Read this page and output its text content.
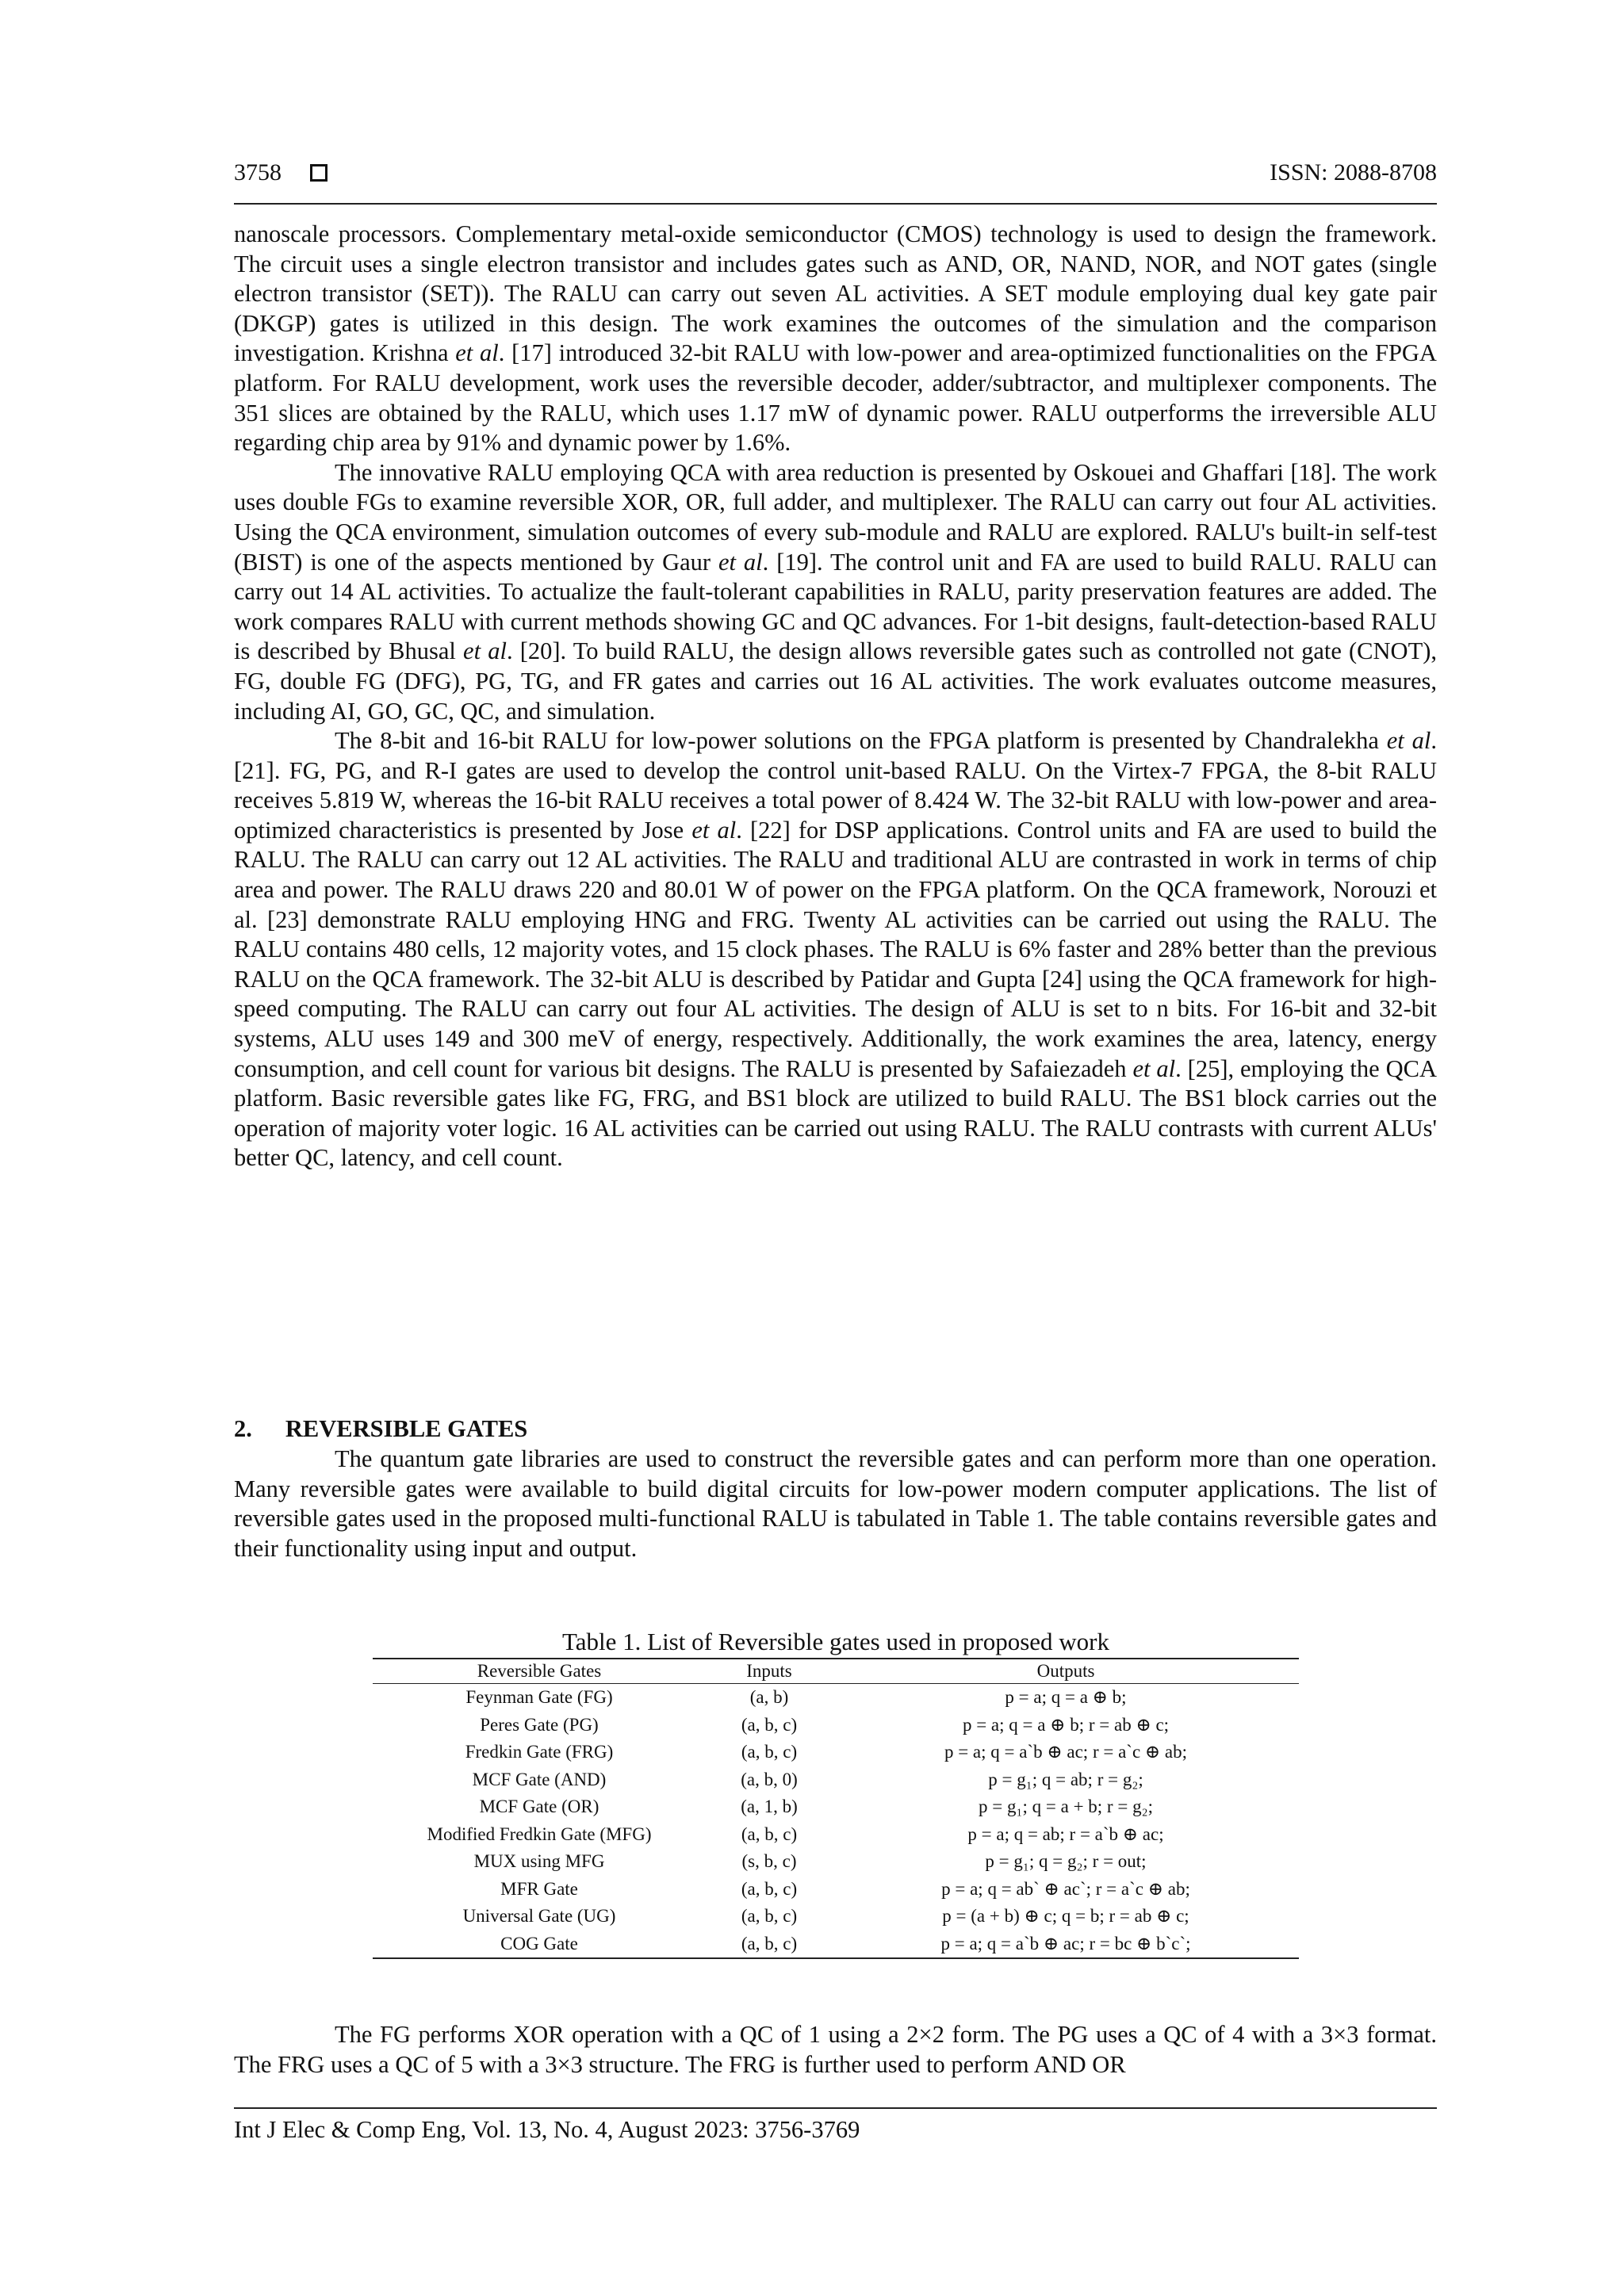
3758	ISSN: 2088-8708

nanoscale processors. Complementary metal-oxide semiconductor (CMOS) technology is used to design the framework. The circuit uses a single electron transistor and includes gates such as AND, OR, NAND, NOR, and NOT gates (single electron transistor (SET)). The RALU can carry out seven AL activities. A SET module employing dual key gate pair (DKGP) gates is utilized in this design. The work examines the outcomes of the simulation and the comparison investigation. Krishna et al. [17] introduced 32-bit RALU with low-power and area-optimized functionalities on the FPGA platform. For RALU development, work uses the reversible decoder, adder/subtractor, and multiplexer components. The 351 slices are obtained by the RALU, which uses 1.17 mW of dynamic power. RALU outperforms the irreversible ALU regarding chip area by 91% and dynamic power by 1.6%.

The innovative RALU employing QCA with area reduction is presented by Oskouei and Ghaffari [18]. The work uses double FGs to examine reversible XOR, OR, full adder, and multiplexer. The RALU can carry out four AL activities. Using the QCA environment, simulation outcomes of every sub-module and RALU are explored. RALU's built-in self-test (BIST) is one of the aspects mentioned by Gaur et al. [19]. The control unit and FA are used to build RALU. RALU can carry out 14 AL activities. To actualize the fault-tolerant capabilities in RALU, parity preservation features are added. The work compares RALU with current methods showing GC and QC advances. For 1-bit designs, fault-detection-based RALU is described by Bhusal et al. [20]. To build RALU, the design allows reversible gates such as controlled not gate (CNOT), FG, double FG (DFG), PG, TG, and FR gates and carries out 16 AL activities. The work evaluates outcome measures, including AI, GO, GC, QC, and simulation.

The 8-bit and 16-bit RALU for low-power solutions on the FPGA platform is presented by Chandralekha et al. [21]. FG, PG, and R-I gates are used to develop the control unit-based RALU. On the Virtex-7 FPGA, the 8-bit RALU receives 5.819 W, whereas the 16-bit RALU receives a total power of 8.424 W. The 32-bit RALU with low-power and area-optimized characteristics is presented by Jose et al. [22] for DSP applications. Control units and FA are used to build the RALU. The RALU can carry out 12 AL activities. The RALU and traditional ALU are contrasted in work in terms of chip area and power. The RALU draws 220 and 80.01 W of power on the FPGA platform. On the QCA framework, Norouzi et al. [23] demonstrate RALU employing HNG and FRG. Twenty AL activities can be carried out using the RALU. The RALU contains 480 cells, 12 majority votes, and 15 clock phases. The RALU is 6% faster and 28% better than the previous RALU on the QCA framework. The 32-bit ALU is described by Patidar and Gupta [24] using the QCA framework for high-speed computing. The RALU can carry out four AL activities. The design of ALU is set to n bits. For 16-bit and 32-bit systems, ALU uses 149 and 300 meV of energy, respectively. Additionally, the work examines the area, latency, energy consumption, and cell count for various bit designs. The RALU is presented by Safaiezadeh et al. [25], employing the QCA platform. Basic reversible gates like FG, FRG, and BS1 block are utilized to build RALU. The BS1 block carries out the operation of majority voter logic. 16 AL activities can be carried out using RALU. The RALU contrasts with current ALUs' better QC, latency, and cell count.

2. REVERSIBLE GATES

The quantum gate libraries are used to construct the reversible gates and can perform more than one operation. Many reversible gates were available to build digital circuits for low-power modern computer applications. The list of reversible gates used in the proposed multi-functional RALU is tabulated in Table 1. The table contains reversible gates and their functionality using input and output.

Table 1. List of Reversible gates used in proposed work
Reversible Gates	Inputs	Outputs
Feynman Gate (FG)	(a, b)	p = a; q = a ⊕ b;
Peres Gate (PG)	(a, b, c)	p = a; q = a ⊕ b; r = ab ⊕ c;
Fredkin Gate (FRG)	(a, b, c)	p = a; q = a`b ⊕ ac; r = a`c ⊕ ab;
MCF Gate (AND)	(a, b, 0)	p = g₁; q = ab; r = g₂;
MCF Gate (OR)	(a, 1, b)	p = g₁; q = a + b; r = g₂;
Modified Fredkin Gate (MFG)	(a, b, c)	p = a; q = ab; r = a`b ⊕ ac;
MUX using MFG	(s, b, c)	p = g₁; q = g₂; r = out;
MFR Gate	(a, b, c)	p = a; q = ab` ⊕ ac`; r = a`c ⊕ ab;
Universal Gate (UG)	(a, b, c)	p = (a + b) ⊕ c; q = b; r = ab ⊕ c;
COG Gate	(a, b, c)	p = a; q = a`b ⊕ ac; r = bc ⊕ b`c`;

The FG performs XOR operation with a QC of 1 using a 2×2 form. The PG uses a QC of 4 with a 3×3 format. The FRG uses a QC of 5 with a 3×3 structure. The FRG is further used to perform AND OR

Int J Elec & Comp Eng, Vol. 13, No. 4, August 2023: 3756-3769
